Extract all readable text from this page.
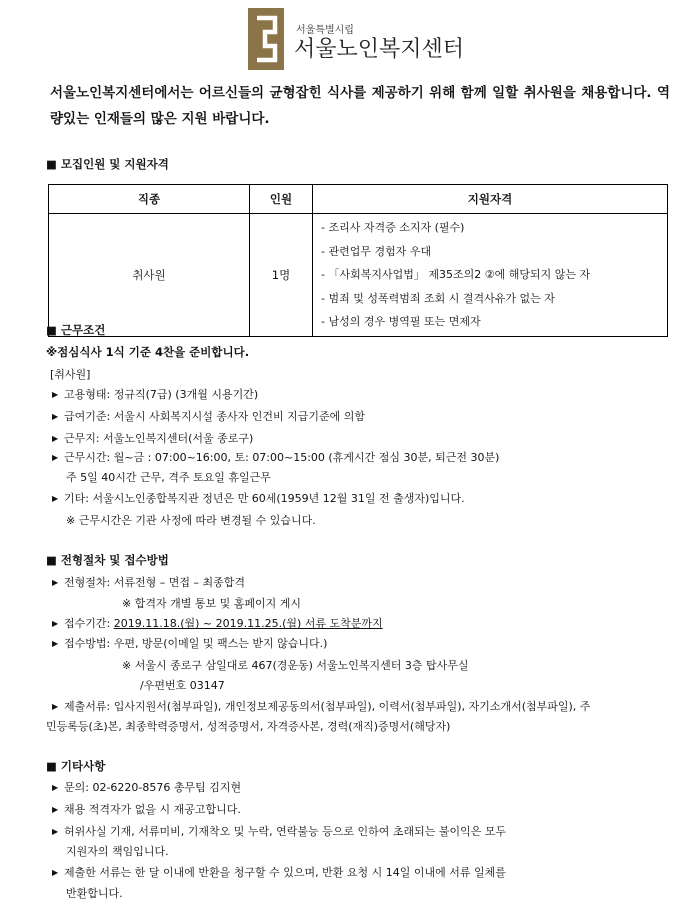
서울특별시립
서울노인복지센터
서울노인복지센터에서는 어르신들의 균형잡힌 식사를 제공하기 위해 함께 일할 취사원을 채용합니다. 역량있는 인재들의 많은 지원 바랍니다.
■ 모집인원 및 지원자격
직종	인원	지원자격
취사원	1명	- 조리사 자격증 소지자 (필수)
- 관련업무 경험자 우대
- 「사회복지사업법」 제35조의2 ②에 해당되지 않는 자
- 범죄 및 성폭력범죄 조회 시 결격사유가 없는 자
- 남성의 경우 병역필 또는 면제자
■ 근무조건
※점심식사 1식 기준 4찬을 준비합니다.
[취사원]
▶ 고용형태: 정규직(7급) (3개월 시용기간)
▶ 급여기준: 서울시 사회복지시설 종사자 인건비 지급기준에 의함
▶ 근무지: 서울노인복지센터(서울 종로구)
▶ 근무시간: 월~금 : 07:00~16:00, 토: 07:00~15:00 (휴게시간 점심 30분, 퇴근전 30분)
주 5일 40시간 근무, 격주 토요일 휴일근무
▶ 기타: 서울시노인종합복지관 정년은 만 60세(1959년 12월 31일 전 출생자)입니다.
※ 근무시간은 기관 사정에 따라 변경될 수 있습니다.
■ 전형절차 및 접수방법
▶ 전형절차: 서류전형 – 면접 – 최종합격
※ 합격자 개별 통보 및 홈페이지 게시
▶ 접수기간: 2019.11.18.(월) ~ 2019.11.25.(월) 서류 도착분까지
▶ 접수방법: 우편, 방문(이메일 및 팩스는 받지 않습니다.)
※ 서울시 종로구 삼일대로 467(경운동) 서울노인복지센터 3층 탑사무실
/우편번호 03147
▶ 제출서류: 입사지원서(첨부파일), 개인정보제공동의서(첨부파일), 이력서(첨부파일), 자기소개서(첨부파일), 주
민등록등(초)본, 최종학력증명서, 성적증명서, 자격증사본, 경력(재직)증명서(해당자)
■ 기타사항
▶ 문의: 02-6220-8576 총무팀 김지현
▶ 채용 적격자가 없을 시 재공고합니다.
▶ 허위사실 기재, 서류미비, 기재착오 및 누락, 연락불능 등으로 인하여 초래되는 불이익은 모두
지원자의 책임입니다.
▶ 제출한 서류는 한 달 이내에 반환을 청구할 수 있으며, 반환 요청 시 14일 이내에 서류 일체를
반환합니다.
